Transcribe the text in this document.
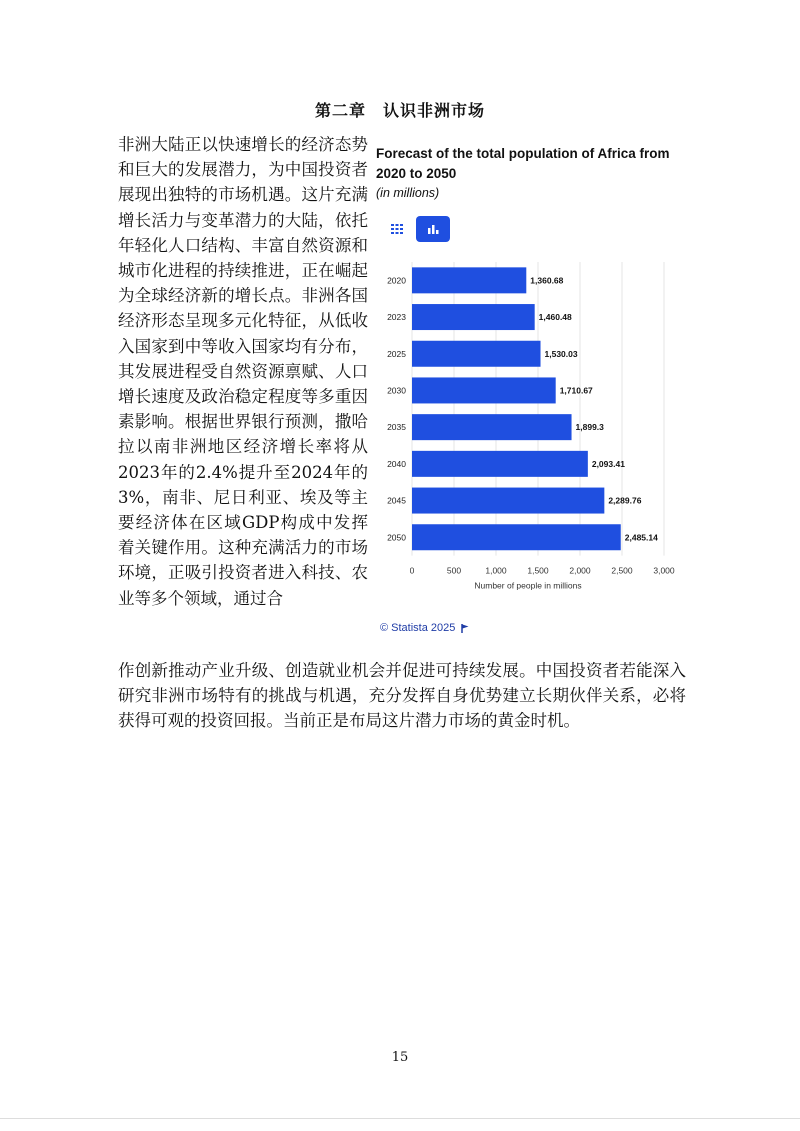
第二章　认识非洲市场
非洲大陆正以快速增长的经济态势和巨大的发展潜力，为中国投资者展现出独特的市场机遇。这片充满增长活力与变革潜力的大陆，依托年轻化人口结构、丰富自然资源和城市化进程的持续推进，正在崛起为全球经济新的增长点。非洲各国经济形态呈现多元化特征，从低收入国家到中等收入国家均有分布，其发展进程受自然资源禀赋、人口增长速度及政治稳定程度等多重因素影响。根据世界银行预测，撒哈拉以南非洲地区经济增长率将从2023年的2.4%提升至2024年的3%，南非、尼日利亚、埃及等主要经济体在区域GDP构成中发挥着关键作用。这种充满活力的市场环境，正吸引投资者进入科技、农业等多个领域，通过合
Forecast of the total population of Africa from 2020 to 2050
(in millions)
0	500	1,000 1,500 2,000 2,500 3,000
2020	1,360.68
2023	1,460.48
2025	1,530.03
2030	1,710.67
2035	1,899.3
2040	2,093.41
2045	2,289.76
2050	2,485.14
Number of people in millions
© Statista 2025
作创新推动产业升级、创造就业机会并促进可持续发展。中国投资者若能深入研究非洲市场特有的挑战与机遇，充分发挥自身优势建立长期伙伴关系，必将获得可观的投资回报。当前正是布局这片潜力市场的黄金时机。
15
